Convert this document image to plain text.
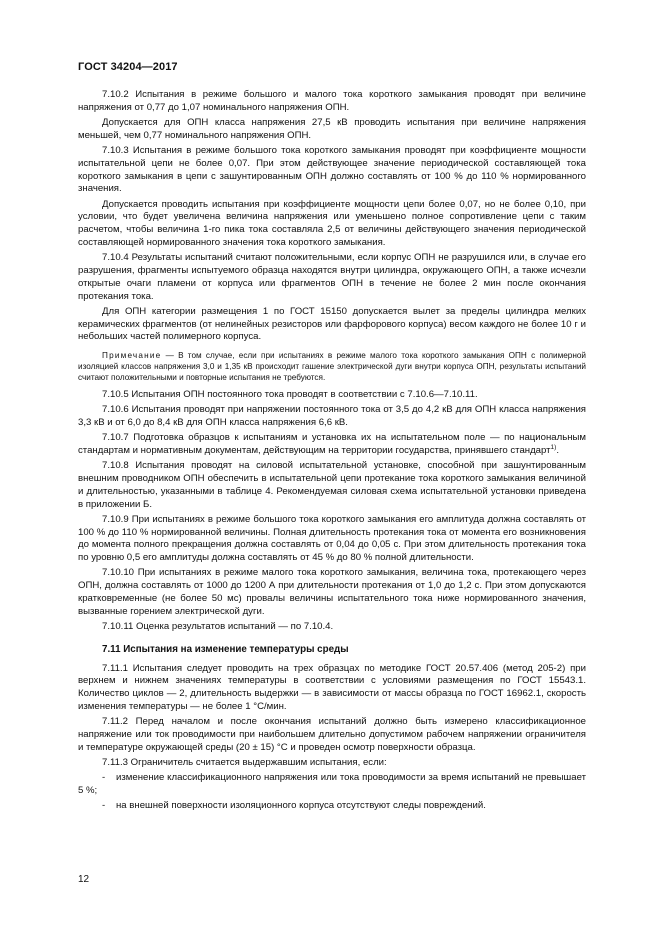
ГОСТ 34204—2017

7.10.2 Испытания в режиме большого и малого тока короткого замыкания проводят при величине напряжения от 0,77 до 1,07 номинального напряжения ОПН.

Допускается для ОПН класса напряжения 27,5 кВ проводить испытания при величине напряжения меньшей, чем 0,77 номинального напряжения ОПН.

7.10.3 Испытания в режиме большого тока короткого замыкания проводят при коэффициенте мощности испытательной цепи не более 0,07. При этом действующее значение периодической составляющей тока короткого замыкания в цепи с зашунтированным ОПН должно составлять от 100 % до 110 % нормированного значения.

Допускается проводить испытания при коэффициенте мощности цепи более 0,07, но не более 0,10, при условии, что будет увеличена величина напряжения или уменьшено полное сопротивление цепи с таким расчетом, чтобы величина 1-го пика тока составляла 2,5 от величины действующего значения периодической составляющей нормированного значения тока короткого замыкания.

7.10.4 Результаты испытаний считают положительными, если корпус ОПН не разрушился или, в случае его разрушения, фрагменты испытуемого образца находятся внутри цилиндра, окружающего ОПН, а также исчезли открытые очаги пламени от корпуса или фрагментов ОПН в течение не более 2 мин после окончания протекания тока.

Для ОПН категории размещения 1 по ГОСТ 15150 допускается вылет за пределы цилиндра мелких керамических фрагментов (от нелинейных резисторов или фарфорового корпуса) весом каждого не более 10 г и небольших частей полимерного корпуса.

Примечание — В том случае, если при испытаниях в режиме малого тока короткого замыкания ОПН с полимерной изоляцией классов напряжения 3,0 и 1,35 кВ происходит гашение электрической дуги внутри корпуса ОПН, результаты испытаний считают положительными и повторные испытания не требуются.

7.10.5 Испытания ОПН постоянного тока проводят в соответствии с 7.10.6—7.10.11.

7.10.6 Испытания проводят при напряжении постоянного тока от 3,5 до 4,2 кВ для ОПН класса напряжения 3,3 кВ и от 6,0 до 8,4 кВ для ОПН класса напряжения 6,6 кВ.

7.10.7 Подготовка образцов к испытаниям и установка их на испытательном поле — по национальным стандартам и нормативным документам, действующим на территории государства, принявшего стандарт$^{1)}$.

7.10.8 Испытания проводят на силовой испытательной установке, способной при зашунтированным внешним проводником ОПН обеспечить в испытательной цепи протекание тока короткого замыкания величиной и длительностью, указанными в таблице 4. Рекомендуемая силовая схема испытательной установки приведена в приложении Б.

7.10.9 При испытаниях в режиме большого тока короткого замыкания его амплитуда должна составлять от 100 % до 110 % нормированной величины. Полная длительность протекания тока от момента его возникновения до момента полного прекращения должна составлять от 0,04 до 0,05 с. При этом длительность протекания тока по уровню 0,5 его амплитуды должна составлять от 45 % до 80 % полной длительности.

7.10.10 При испытаниях в режиме малого тока короткого замыкания, величина тока, протекающего через ОПН, должна составлять от 1000 до 1200 А при длительности протекания от 1,0 до 1,2 с. При этом допускаются кратковременные (не более 50 мс) провалы величины испытательного тока ниже нормированного значения, вызванные горением электрической дуги.

7.10.11 Оценка результатов испытаний — по 7.10.4.

7.11 Испытания на изменение температуры среды

7.11.1 Испытания следует проводить на трех образцах по методике ГОСТ 20.57.406 (метод 205-2) при верхнем и нижнем значениях температуры в соответствии с условиями размещения по ГОСТ 15543.1. Количество циклов — 2, длительность выдержки — в зависимости от массы образца по ГОСТ 16962.1, скорость изменения температуры — не более 1 °С/мин.

7.11.2 Перед началом и после окончания испытаний должно быть измерено классификационное напряжение или ток проводимости при наибольшем длительно допустимом рабочем напряжении ограничителя и температуре окружающей среды (20 ± 15) °С и проведен осмотр поверхности образца.

7.11.3 Ограничитель считается выдержавшим испытания, если:

- изменение классификационного напряжения или тока проводимости за время испытаний не превышает 5 %;

- на внешней поверхности изоляционного корпуса отсутствуют следы повреждений.

12
